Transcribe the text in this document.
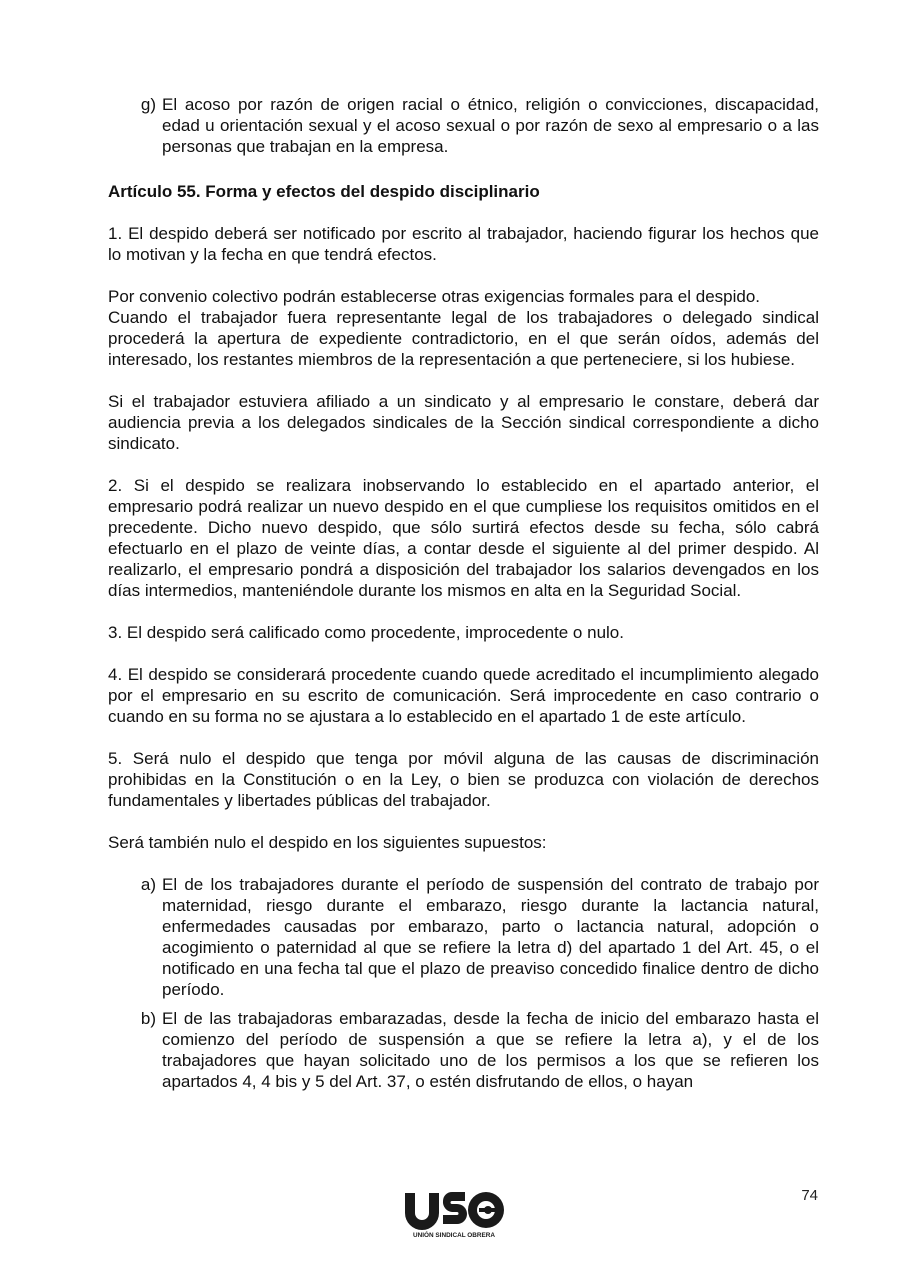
g) El acoso por razón de origen racial o étnico, religión o convicciones, discapacidad, edad u orientación sexual y el acoso sexual o por razón de sexo al empresario o a las personas que trabajan en la empresa.

Artículo 55. Forma y efectos del despido disciplinario

1. El despido deberá ser notificado por escrito al trabajador, haciendo figurar los hechos que lo motivan y la fecha en que tendrá efectos.

Por convenio colectivo podrán establecerse otras exigencias formales para el despido.

Cuando el trabajador fuera representante legal de los trabajadores o delegado sindical procederá la apertura de expediente contradictorio, en el que serán oídos, además del interesado, los restantes miembros de la representación a que perteneciere, si los hubiese.

Si el trabajador estuviera afiliado a un sindicato y al empresario le constare, deberá dar audiencia previa a los delegados sindicales de la Sección sindical correspondiente a dicho sindicato.

2. Si el despido se realizara inobservando lo establecido en el apartado anterior, el empresario podrá realizar un nuevo despido en el que cumpliese los requisitos omitidos en el precedente. Dicho nuevo despido, que sólo surtirá efectos desde su fecha, sólo cabrá efectuarlo en el plazo de veinte días, a contar desde el siguiente al del primer despido. Al realizarlo, el empresario pondrá a disposición del trabajador los salarios devengados en los días intermedios, manteniéndole durante los mismos en alta en la Seguridad Social.

3. El despido será calificado como procedente, improcedente o nulo.

4. El despido se considerará procedente cuando quede acreditado el incumplimiento alegado por el empresario en su escrito de comunicación. Será improcedente en caso contrario o cuando en su forma no se ajustara a lo establecido en el apartado 1 de este artículo.

5. Será nulo el despido que tenga por móvil alguna de las causas de discriminación prohibidas en la Constitución o en la Ley, o bien se produzca con violación de derechos fundamentales y libertades públicas del trabajador.

Será también nulo el despido en los siguientes supuestos:

a) El de los trabajadores durante el período de suspensión del contrato de trabajo por maternidad, riesgo durante el embarazo, riesgo durante la lactancia natural, enfermedades causadas por embarazo, parto o lactancia natural, adopción o acogimiento o paternidad al que se refiere la letra d) del apartado 1 del Art. 45, o el notificado en una fecha tal que el plazo de preaviso concedido finalice dentro de dicho período.

b) El de las trabajadoras embarazadas, desde la fecha de inicio del embarazo hasta el comienzo del período de suspensión a que se refiere la letra a), y el de los trabajadores que hayan solicitado uno de los permisos a los que se refieren los apartados 4, 4 bis y 5 del Art. 37, o estén disfrutando de ellos, o hayan

74
UNIÓN SINDICAL OBRERA
